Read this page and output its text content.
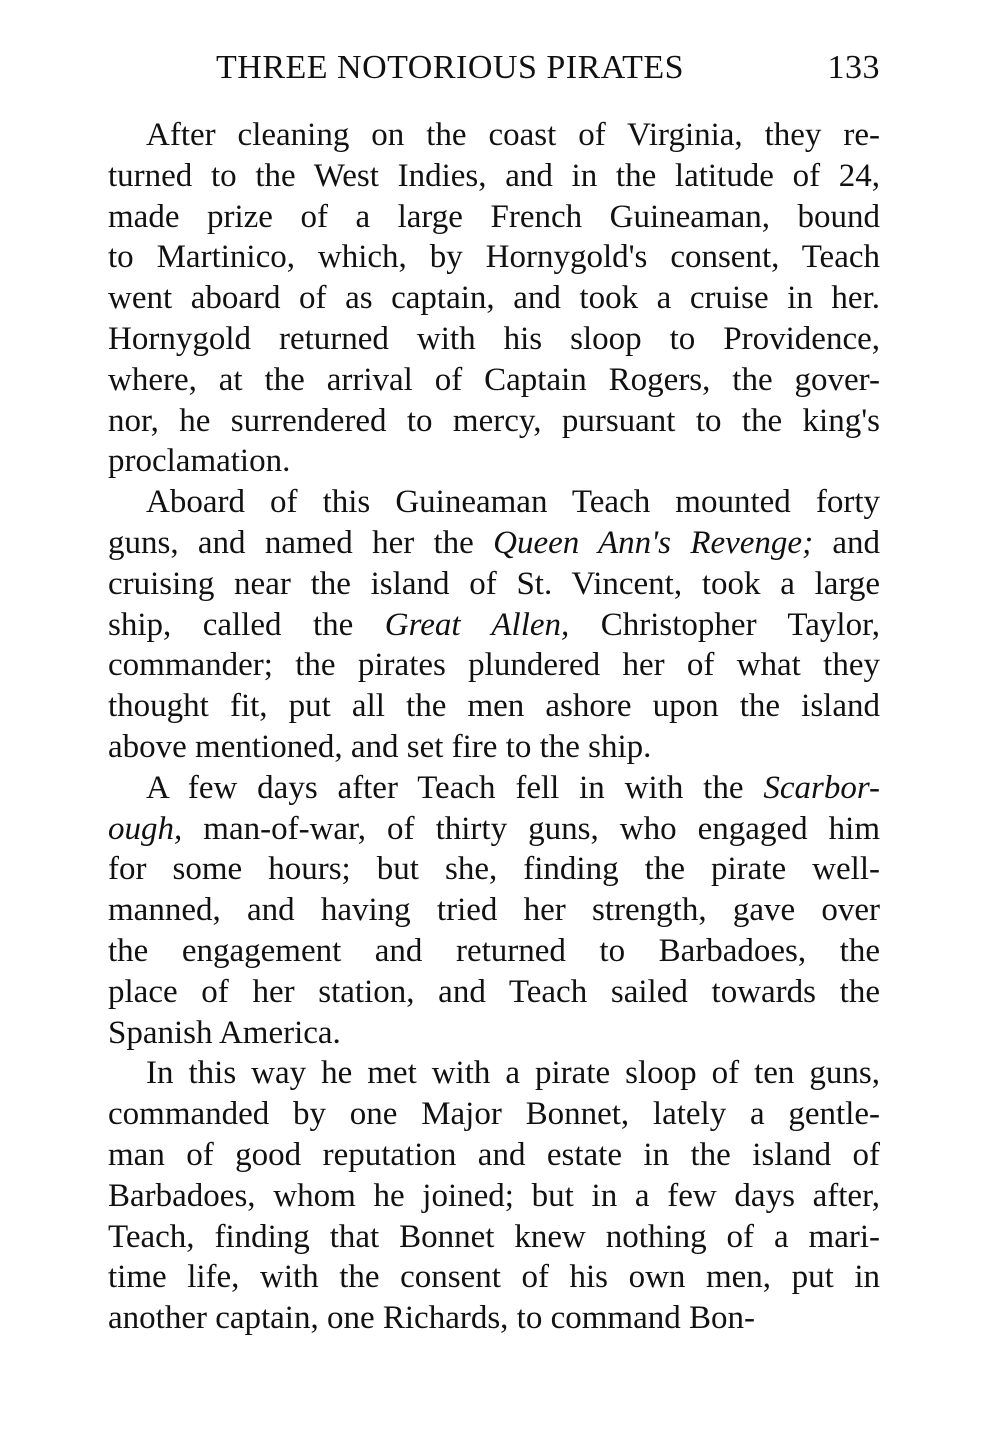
THREE NOTORIOUS PIRATES	133
After cleaning on the coast of Virginia, they re-
turned to the West Indies, and in the latitude of 24,
made prize of a large French Guineaman, bound
to Martinico, which, by Hornygold's consent, Teach
went aboard of as captain, and took a cruise in her.
Hornygold returned with his sloop to Providence,
where, at the arrival of Captain Rogers, the gover-
nor, he surrendered to mercy, pursuant to the king's
proclamation.
Aboard of this Guineaman Teach mounted forty
guns, and named her the Queen Ann's Revenge; and
cruising near the island of St. Vincent, took a large
ship, called the Great Allen, Christopher Taylor,
commander; the pirates plundered her of what they
thought fit, put all the men ashore upon the island
above mentioned, and set fire to the ship.
A few days after Teach fell in with the Scarbor-
ough, man-of-war, of thirty guns, who engaged him
for some hours; but she, finding the pirate well-
manned, and having tried her strength, gave over
the engagement and returned to Barbadoes, the
place of her station, and Teach sailed towards the
Spanish America.
In this way he met with a pirate sloop of ten guns,
commanded by one Major Bonnet, lately a gentle-
man of good reputation and estate in the island of
Barbadoes, whom he joined; but in a few days after,
Teach, finding that Bonnet knew nothing of a mari-
time life, with the consent of his own men, put in
another captain, one Richards, to command Bon-
